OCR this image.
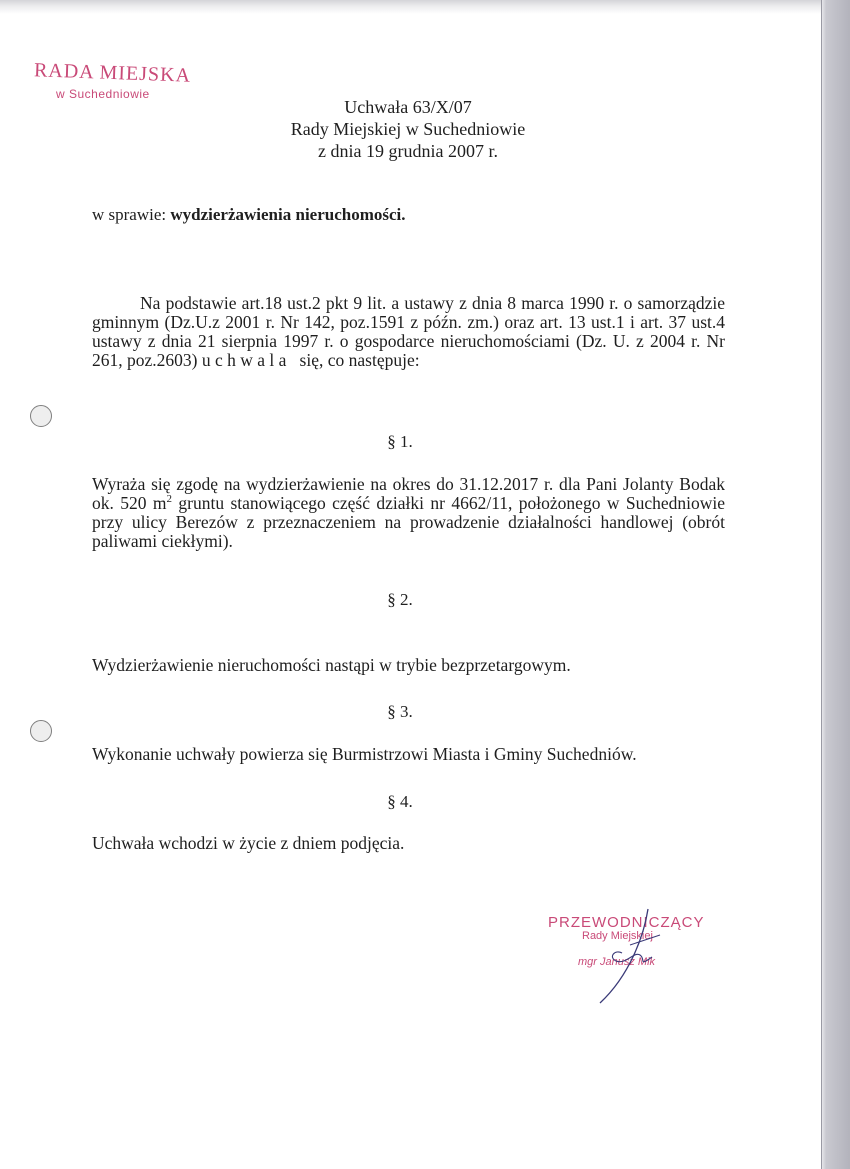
RADA MIEJSKA
w Suchedniowie
Uchwała 63/X/07
Rady Miejskiej w Suchedniowie
z dnia 19 grudnia 2007 r.
w sprawie: wydzierżawienia nieruchomości.
Na podstawie art.18 ust.2 pkt 9 lit. a ustawy z dnia 8 marca 1990 r. o samorządzie gminnym (Dz.U.z 2001 r. Nr 142, poz.1591 z późn. zm.) oraz art. 13 ust.1 i art. 37 ust.4 ustawy z dnia 21 sierpnia 1997 r. o gospodarce nieruchomościami (Dz. U. z 2004 r. Nr 261, poz.2603) u c h w a l a się, co następuje:
§ 1.
Wyraża się zgodę na wydzierżawienie na okres do 31.12.2017 r. dla Pani Jolanty Bodak ok. 520 $m^2$ gruntu stanowiącego część działki nr 4662/11, położonego w Suchedniowie przy ulicy Berezów z przeznaczeniem na prowadzenie działalności handlowej (obrót paliwami ciekłymi).
§ 2.
Wydzierżawienie nieruchomości nastąpi w trybie bezprzetargowym.
§ 3.
Wykonanie uchwały powierza się Burmistrzowi Miasta i Gminy Suchedniów.
§ 4.
Uchwała wchodzi w życie z dniem podjęcia.
PRZEWODNICZĄCY
Rady Miejskiej
mgr Janusz Mik
